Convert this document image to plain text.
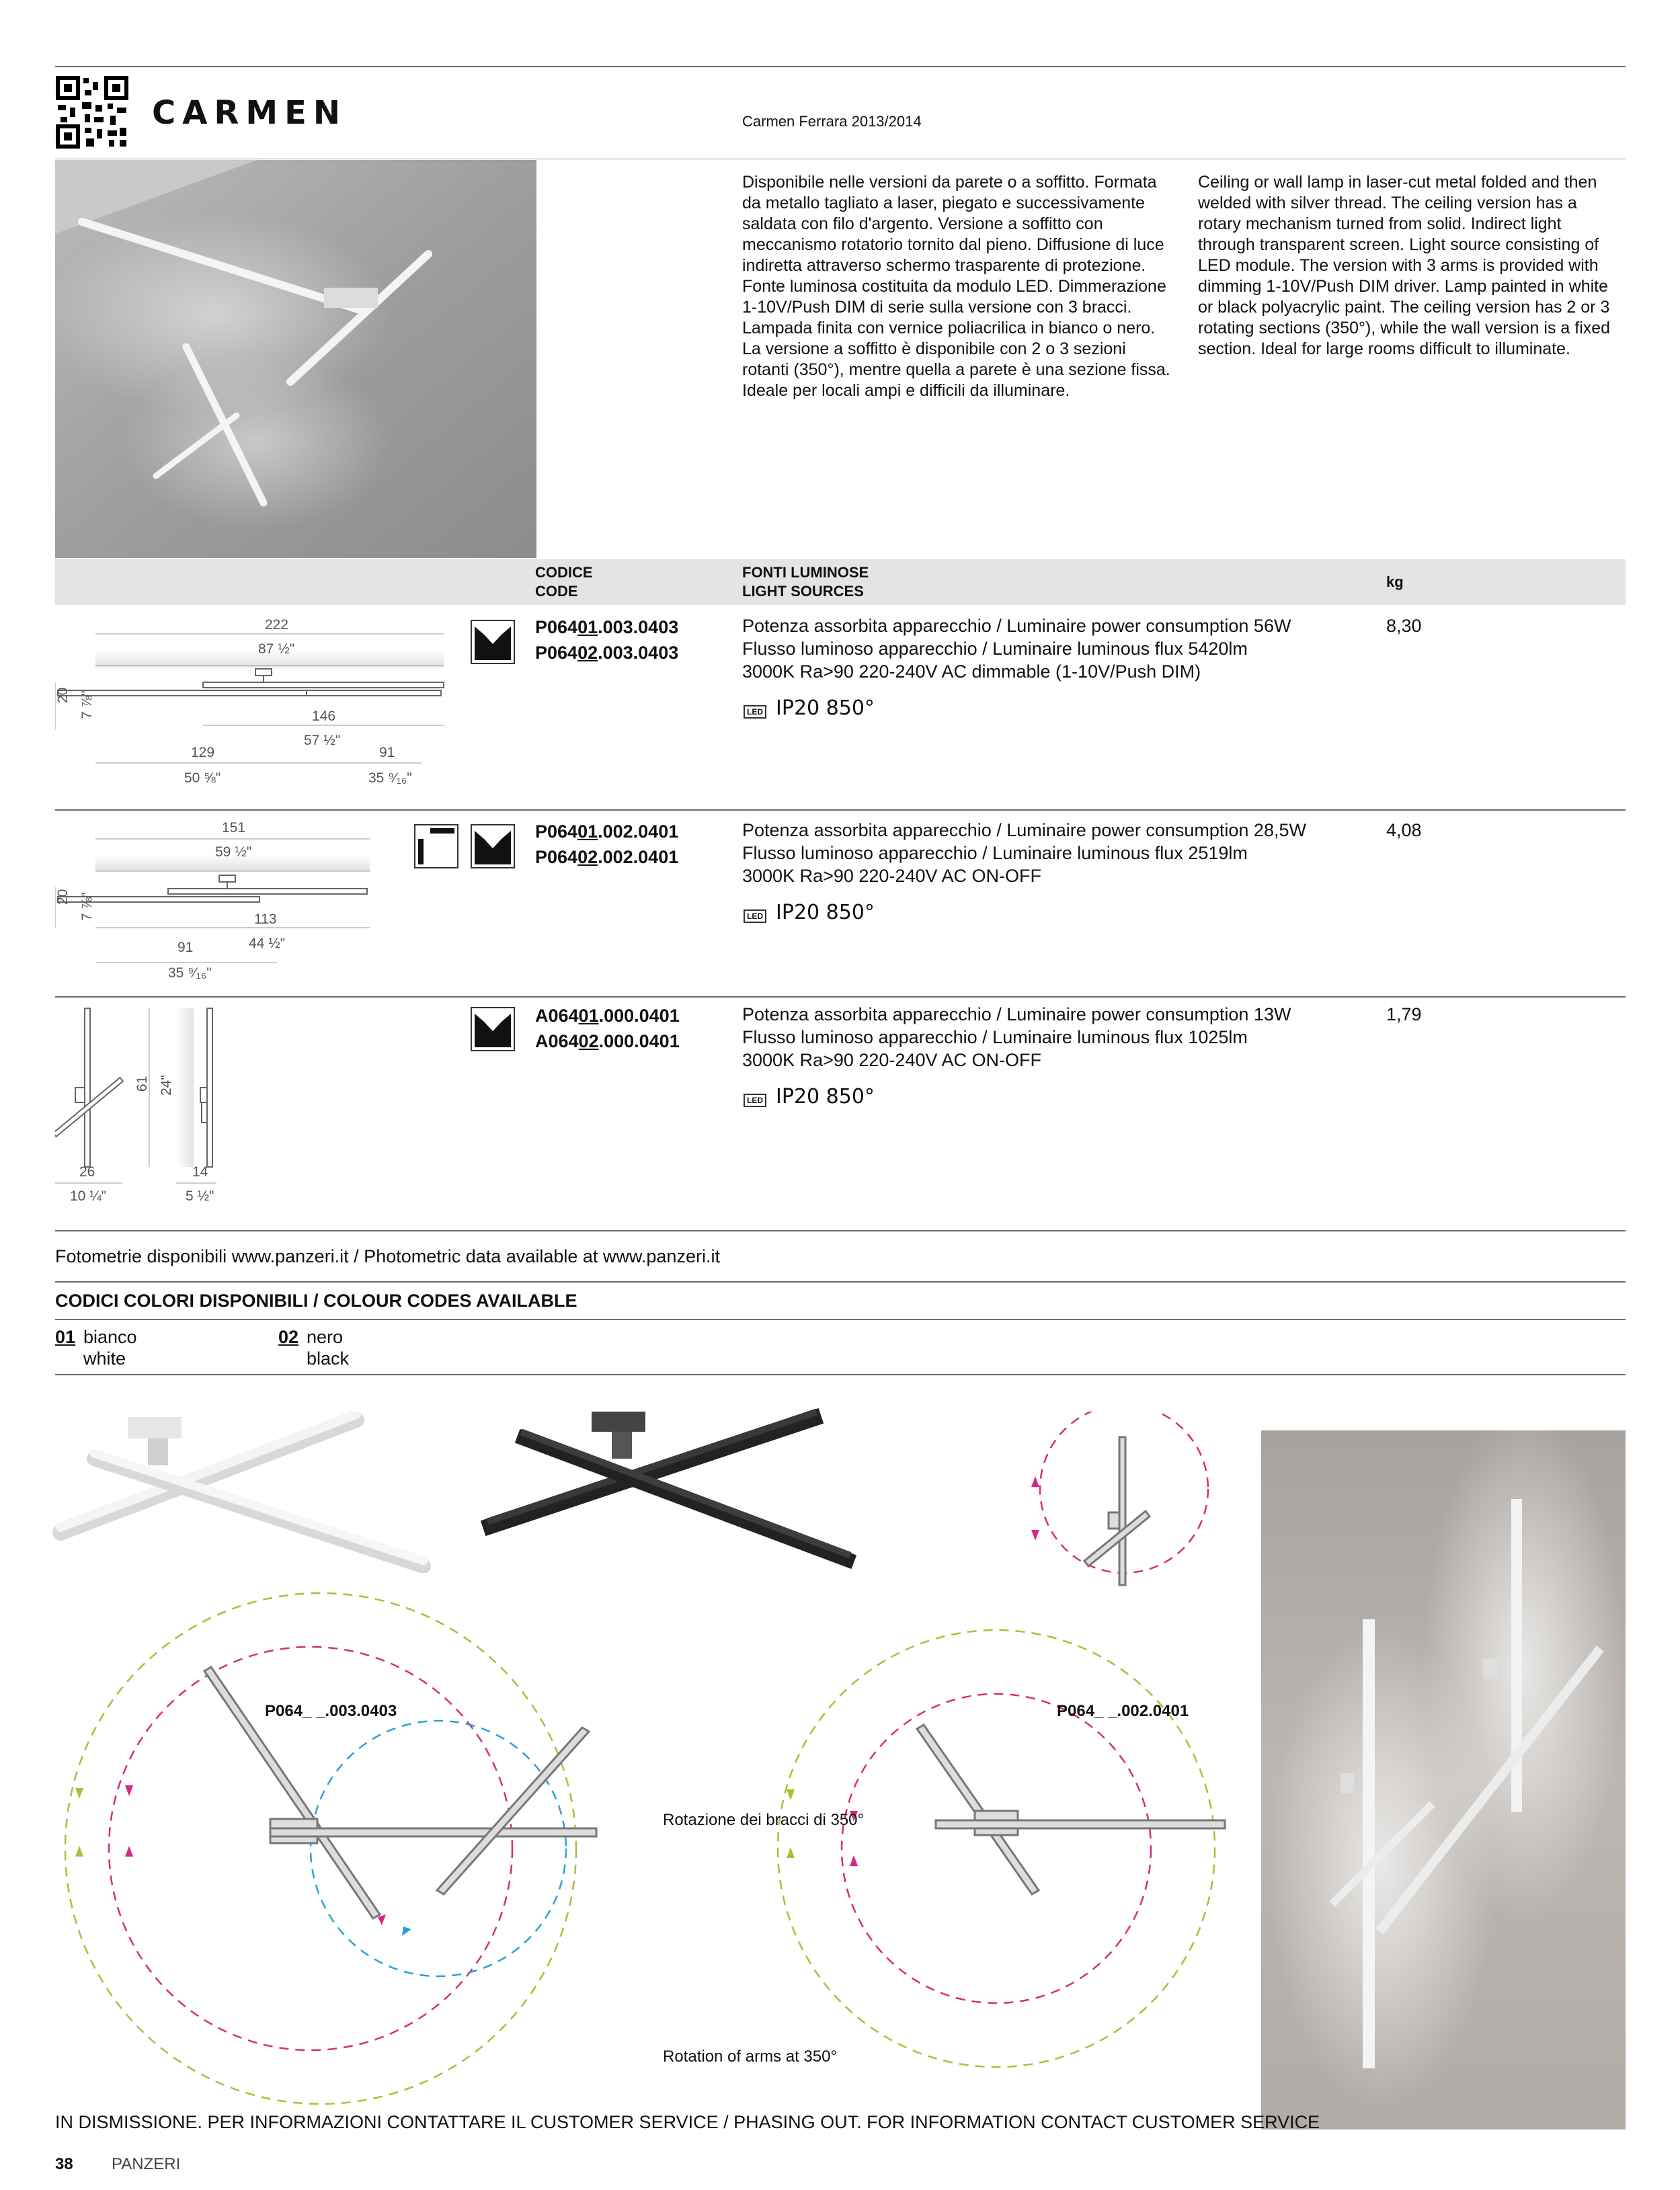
CARMEN	Carmen Ferrara 2013/2014
Disponibile nelle versioni da parete o a soffitto. Formata da metallo tagliato a laser, piegato e successivamente saldata con filo d'argento. Versione a soffitto con meccanismo rotatorio tornito dal pieno. Diffusione di luce indiretta attraverso schermo trasparente di protezione. Fonte luminosa costituita da modulo LED. Dimmerazione 1-10V/Push DIM di serie sulla versione con 3 bracci. Lampada finita con vernice poliacrilica in bianco o nero. La versione a soffitto è disponibile con 2 o 3 sezioni rotanti (350°), mentre quella a parete è una sezione fissa. Ideale per locali ampi e difficili da illuminare.
Ceiling or wall lamp in laser-cut metal folded and then welded with silver thread. The ceiling version has a rotary mechanism turned from solid. Indirect light through transparent screen. Light source consisting of LED module. The version with 3 arms is provided with dimming 1-10V/Push DIM driver. Lamp painted in white or black polyacrylic paint. The ceiling version has 2 or 3 rotating sections (350°), while the wall version is a fixed section. Ideal for large rooms difficult to illuminate.
CODICE
CODE
FONTI LUMINOSE
LIGHT SOURCES
kg
222
87 ½"
20 7 ⅞"	146
57 ½"
129	91
50 ⅝"	35 ⁹⁄₁₆"
P06401.003.0403
P06402.003.0403
Potenza assorbita apparecchio / Luminaire power consumption 56W
Flusso luminoso apparecchio / Luminaire luminous flux 5420lm
3000K Ra>90 220-240V AC dimmable (1-10V/Push DIM)
LED IP20 850°
8,30
151
59 ½"
20 7 ⅞"	113
44 ½"
91
35 ⁹⁄₁₆"
P06401.002.0401
P06402.002.0401
Potenza assorbita apparecchio / Luminaire power consumption 28,5W
Flusso luminoso apparecchio / Luminaire luminous flux 2519lm
3000K Ra>90 220-240V AC ON-OFF
LED IP20 850°
4,08
61 24"
26
10 ¼"
14
5 ½"
A06401.000.0401
A06402.000.0401
Potenza assorbita apparecchio / Luminaire power consumption 13W
Flusso luminoso apparecchio / Luminaire luminous flux 1025lm
3000K Ra>90 220-240V AC ON-OFF
LED IP20 850°
1,79
Fotometrie disponibili www.panzeri.it / Photometric data available at www.panzeri.it
CODICI COLORI DISPONIBILI / COLOUR CODES AVAILABLE
01 bianco
white
02 nero
black
P064_ _.003.0403	P064_ _.002.0401
Rotazione dei bracci di 350°
Rotation of arms at 350°
IN DISMISSIONE. PER INFORMAZIONI CONTATTARE IL CUSTOMER SERVICE / PHASING OUT. FOR INFORMATION CONTACT CUSTOMER SERVICE
38 PANZERI
